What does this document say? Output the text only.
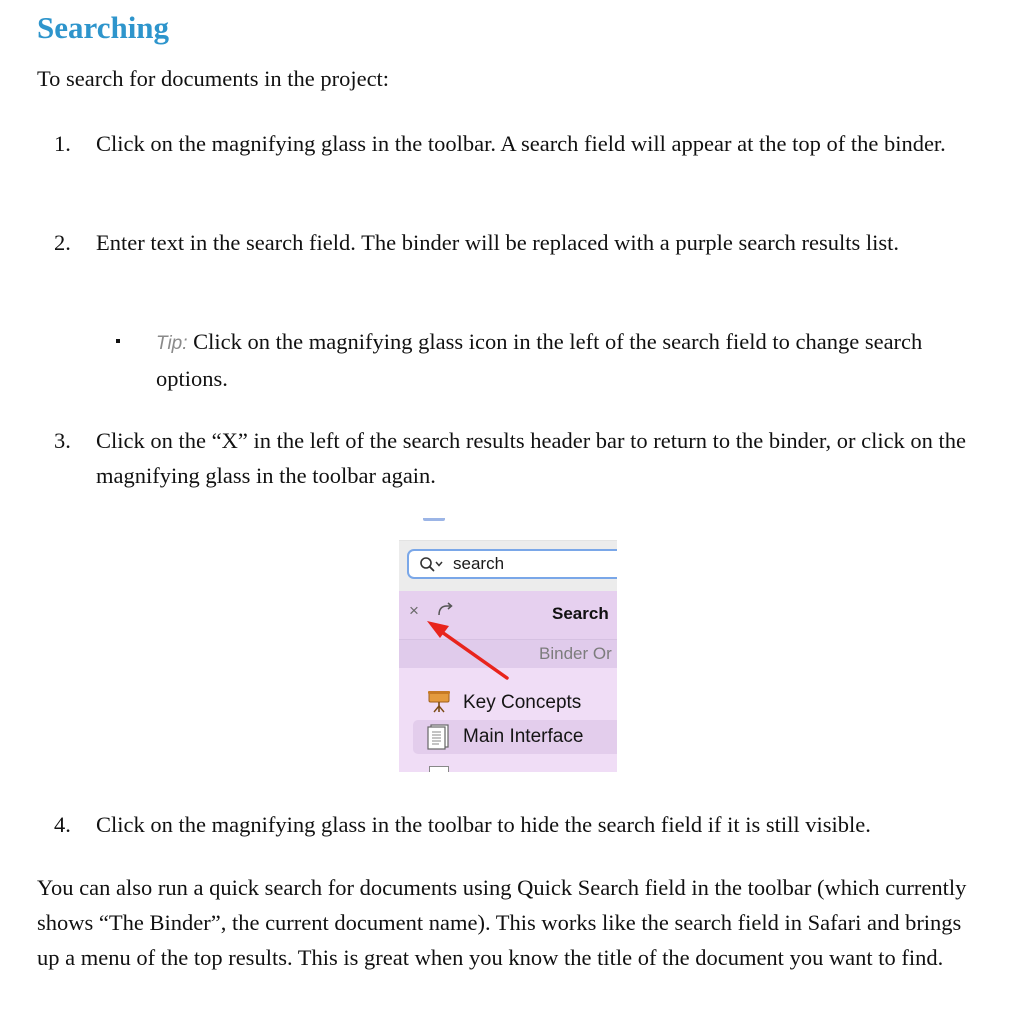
Searching

To search for documents in the project:

1. Click on the magnifying glass in the toolbar. A search field will appear at the top of the binder.
2. Enter text in the search field. The binder will be replaced with a purple search results list.
Tip: Click on the magnifying glass icon in the left of the search field to change search options.
3. Click on the “X” in the left of the search results header bar to return to the binder, or click on the magnifying glass in the toolbar again.
search
×	Search
Binder Or
Key Concepts
Main Interface
4. Click on the magnifying glass in the toolbar to hide the search field if it is still visible.

You can also run a quick search for documents using Quick Search field in the toolbar (which currently shows “The Binder”, the current document name). This works like the search field in Safari and brings up a menu of the top results. This is great when you know the title of the document you want to find.
